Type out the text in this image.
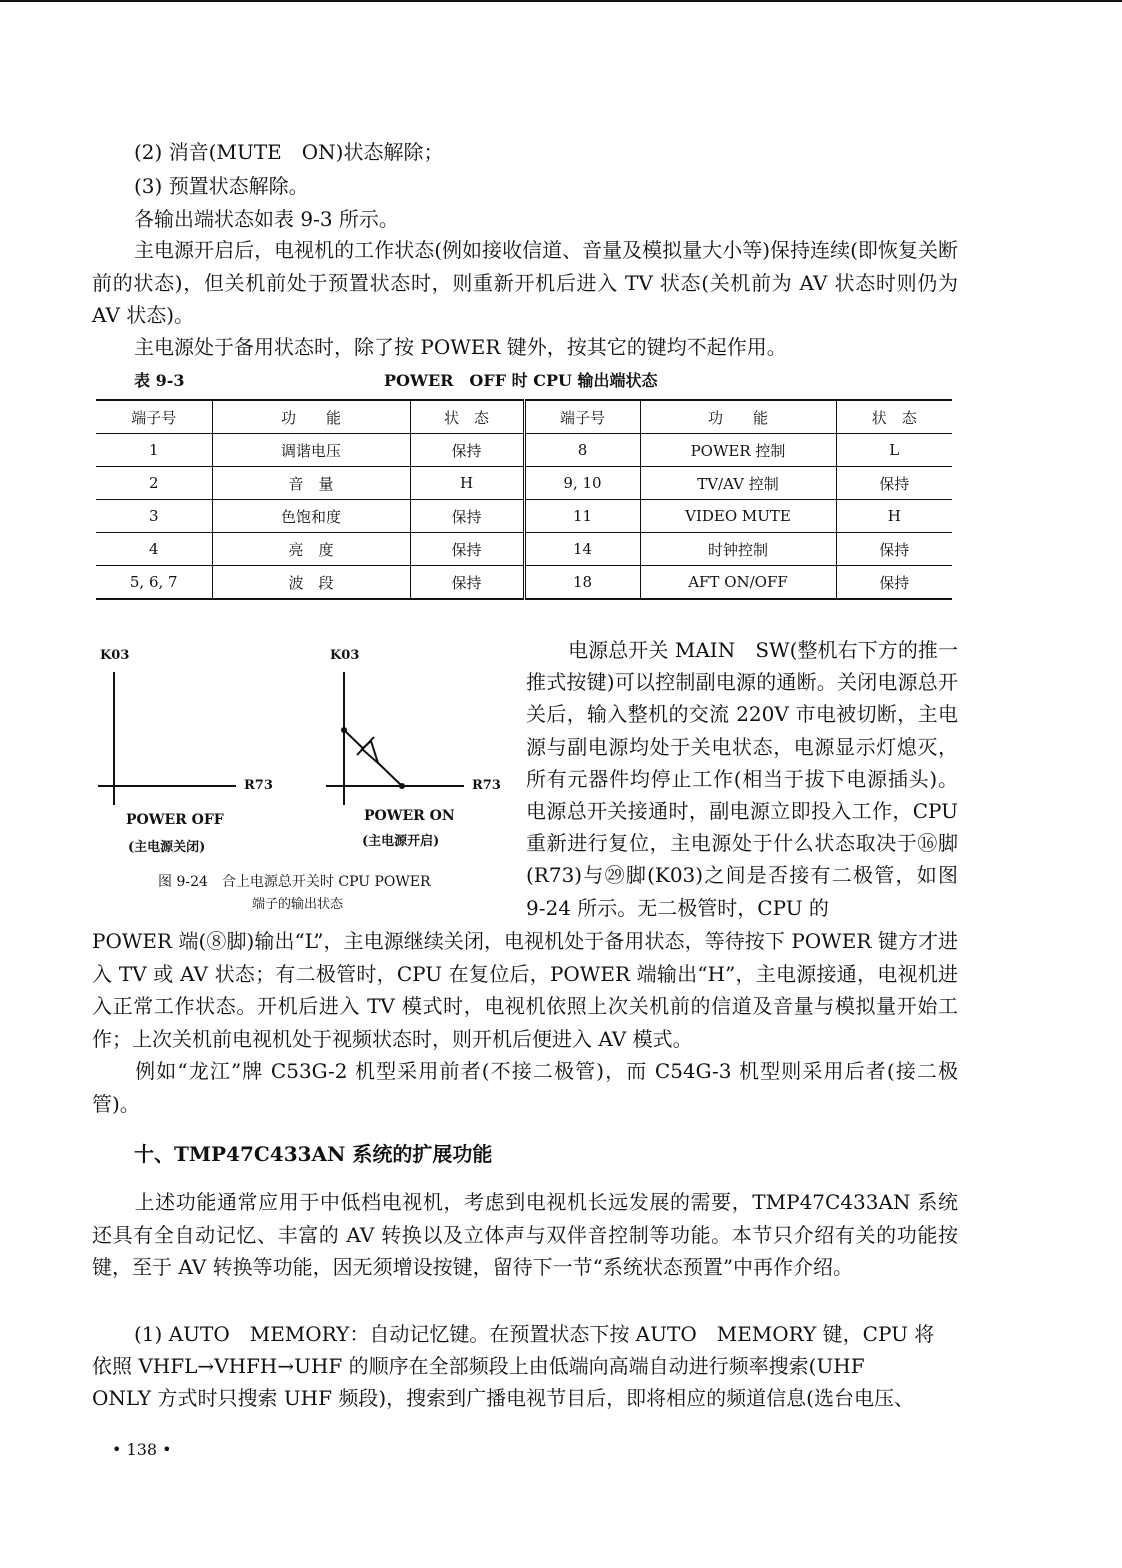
(2) 消音(MUTE　ON)状态解除；
(3) 预置状态解除。
各输出端状态如表 9-3 所示。

主电源开启后，电视机的工作状态(例如接收信道、音量及模拟量大小等)保持连续(即恢复关断前的状态)，但关机前处于预置状态时，则重新开机后进入 TV 状态(关机前为 AV 状态时则仍为 AV 状态)。

主电源处于备用状态时，除了按 POWER 键外，按其它的键均不起作用。

表 9-3	POWER　OFF 时 CPU 输出端状态
端子号	功　　能	状　态	端子号	功　　能	状　态
1	调谐电压	保持	8	POWER 控制	L
2	音　量	H	9, 10	TV/AV 控制	保持
3	色饱和度	保持	11	VIDEO MUTE	H
4	亮　度	保持	14	时钟控制	保持
5, 6, 7	波　段	保持	18	AFT ON/OFF	保持
K03
R73
POWER OFF
(主电源关闭)
K03
R73
POWER ON
(主电源开启)
图 9-24　合上电源总开关时 CPU POWER
端子的输出状态

电源总开关 MAIN　SW(整机右下方的推一推式按键)可以控制副电源的通断。关闭电源总开关后，输入整机的交流 220V 市电被切断，主电源与副电源均处于关电状态，电源显示灯熄灭，所有元器件均停止工作(相当于拔下电源插头)。电源总开关接通时，副电源立即投入工作，CPU 重新进行复位，主电源处于什么状态取决于⑯脚(R73)与㉙脚(K03)之间是否接有二极管，如图 9-24 所示。无二极管时，CPU 的

POWER 端(⑧脚)输出“L”，主电源继续关闭，电视机处于备用状态，等待按下 POWER 键方才进入 TV 或 AV 状态；有二极管时，CPU 在复位后，POWER 端输出“H”，主电源接通，电视机进入正常工作状态。开机后进入 TV 模式时，电视机依照上次关机前的信道及音量与模拟量开始工作；上次关机前电视机处于视频状态时，则开机后便进入 AV 模式。

例如“龙江”牌 C53G-2 机型采用前者(不接二极管)，而 C54G-3 机型则采用后者(接二极管)。

十、TMP47C433AN 系统的扩展功能

上述功能通常应用于中低档电视机，考虑到电视机长远发展的需要，TMP47C433AN 系统还具有全自动记忆、丰富的 AV 转换以及立体声与双伴音控制等功能。本节只介绍有关的功能按键，至于 AV 转换等功能，因无须增设按键，留待下一节“系统状态预置”中再作介绍。

(1) AUTO　MEMORY：自动记忆键。在预置状态下按 AUTO　MEMORY 键，CPU 将
依照 VHFL→VHFH→UHF 的顺序在全部频段上由低端向高端自动进行频率搜索(UHF
ONLY 方式时只搜索 UHF 频段)，搜索到广播电视节目后，即将相应的频道信息(选台电压、
• 138 •
